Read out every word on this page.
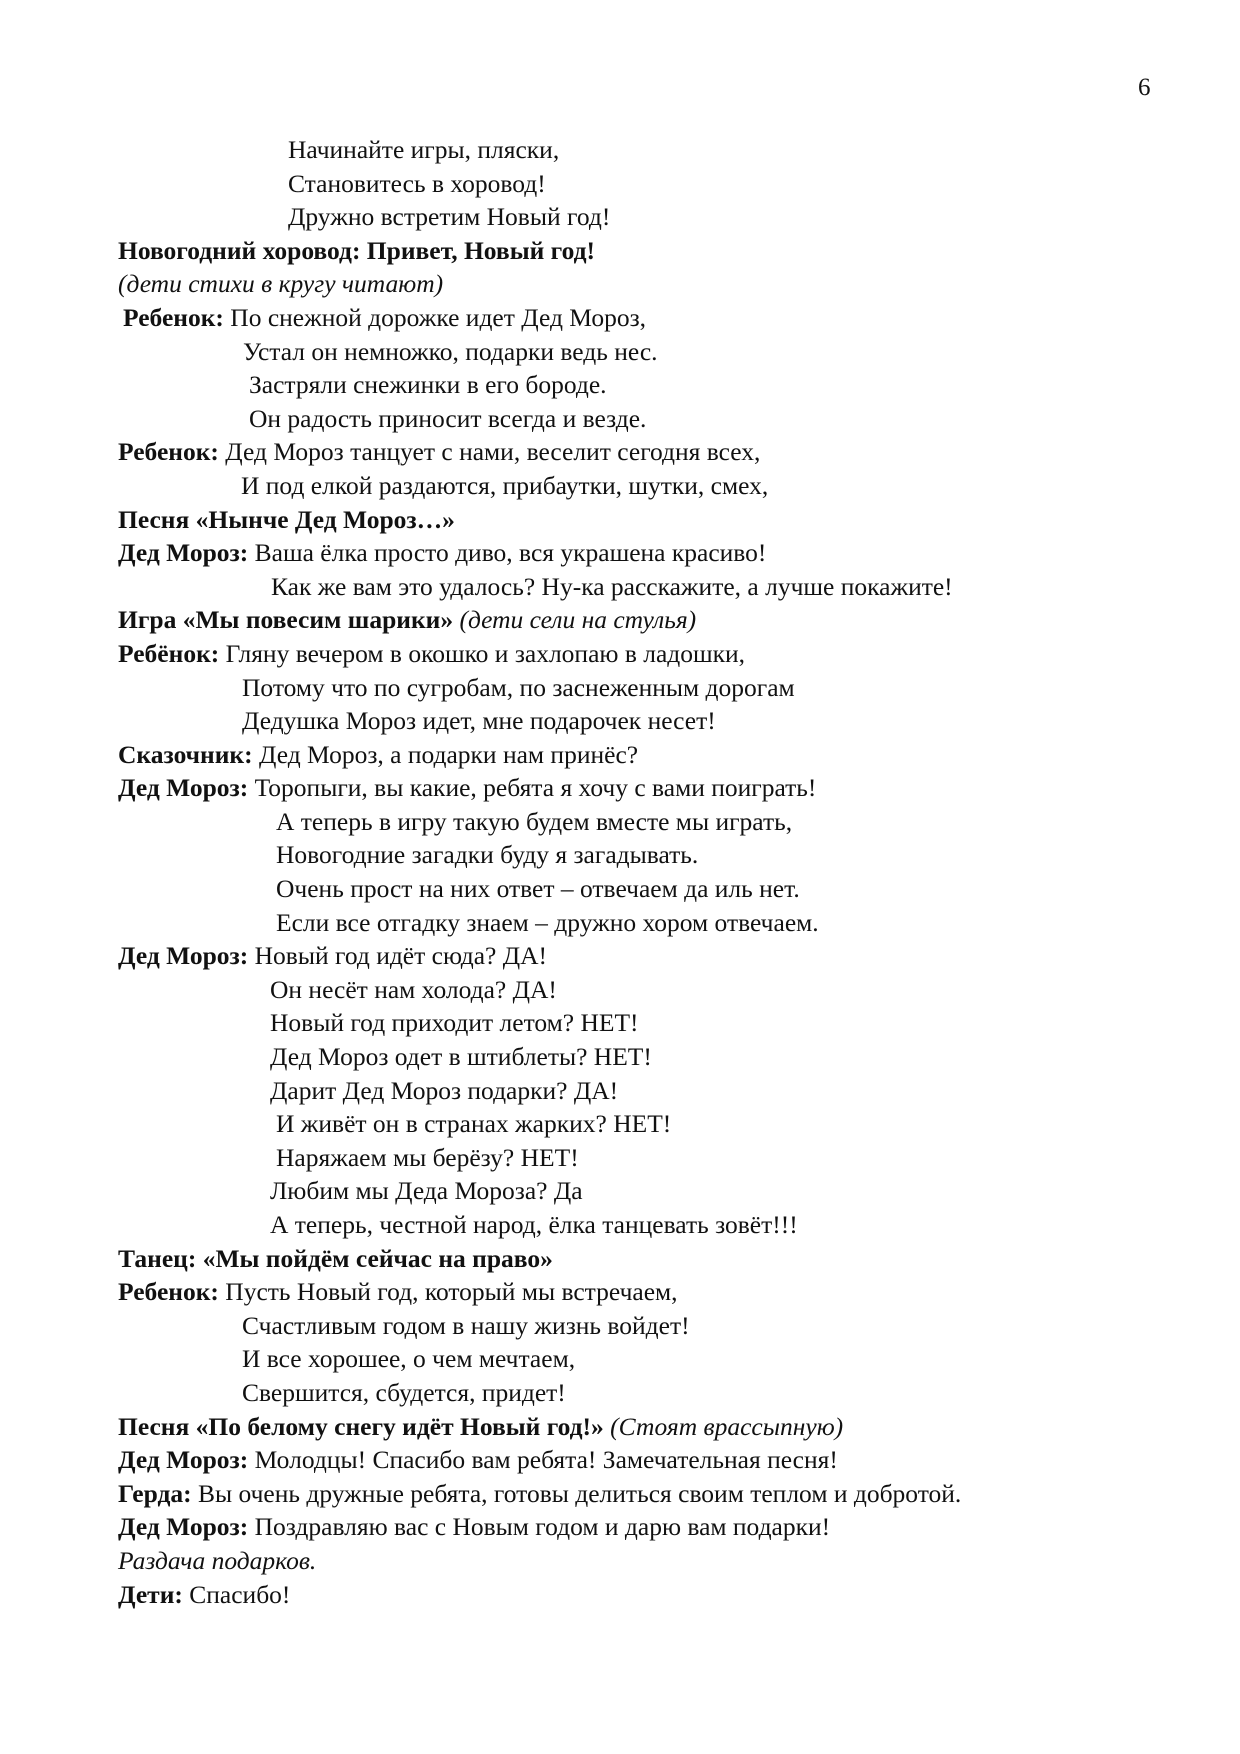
6
Начинайте игры, пляски,
Становитесь в хоровод!
Дружно встретим Новый год!
Новогодний хоровод: Привет, Новый год!
(дети стихи в кругу читают)
Ребенок: По снежной дорожке идет Дед Мороз,
Устал он немножко, подарки ведь нес.
Застряли снежинки в его бороде.
Он радость приносит всегда и везде.
Ребенок: Дед Мороз танцует с нами, веселит сегодня всех,
И под елкой раздаются, прибаутки, шутки, смех,
Песня «Нынче Дед Мороз…»
Дед Мороз: Ваша ёлка просто диво, вся украшена красиво!
Как же вам это удалось? Ну-ка расскажите, а лучше покажите!
Игра «Мы повесим шарики» (дети сели на стулья)
Ребёнок: Гляну вечером в окошко и захлопаю в ладошки,
Потому что по сугробам, по заснеженным дорогам
Дедушка Мороз идет, мне подарочек несет!
Сказочник: Дед Мороз, а подарки нам принёс?
Дед Мороз: Торопыги, вы какие, ребята я хочу с вами поиграть!
А теперь в игру такую будем вместе мы играть,
Новогодние загадки буду я загадывать.
Очень прост на них ответ – отвечаем да иль нет.
Если все отгадку знаем – дружно хором отвечаем.
Дед Мороз: Новый год идёт сюда? ДА!
Он несёт нам холода? ДА!
Новый год приходит летом? НЕТ!
Дед Мороз одет в штиблеты? НЕТ!
Дарит Дед Мороз подарки? ДА!
И живёт он в странах жарких? НЕТ!
Наряжаем мы берёзу? НЕТ!
Любим мы Деда Мороза? Да
А теперь, честной народ, ёлка танцевать зовёт!!!
Танец: «Мы пойдём сейчас на право»
Ребенок: Пусть Новый год, который мы встречаем,
Счастливым годом в нашу жизнь войдет!
И все хорошее, о чем мечтаем,
Свершится, сбудется, придет!
Песня «По белому снегу идёт Новый год!» (Стоят врассыпную)
Дед Мороз: Молодцы! Спасибо вам ребята! Замечательная песня!
Герда: Вы очень дружные ребята, готовы делиться своим теплом и добротой.
Дед Мороз: Поздравляю вас с Новым годом и дарю вам подарки!
Раздача подарков.
Дети: Спасибо!
